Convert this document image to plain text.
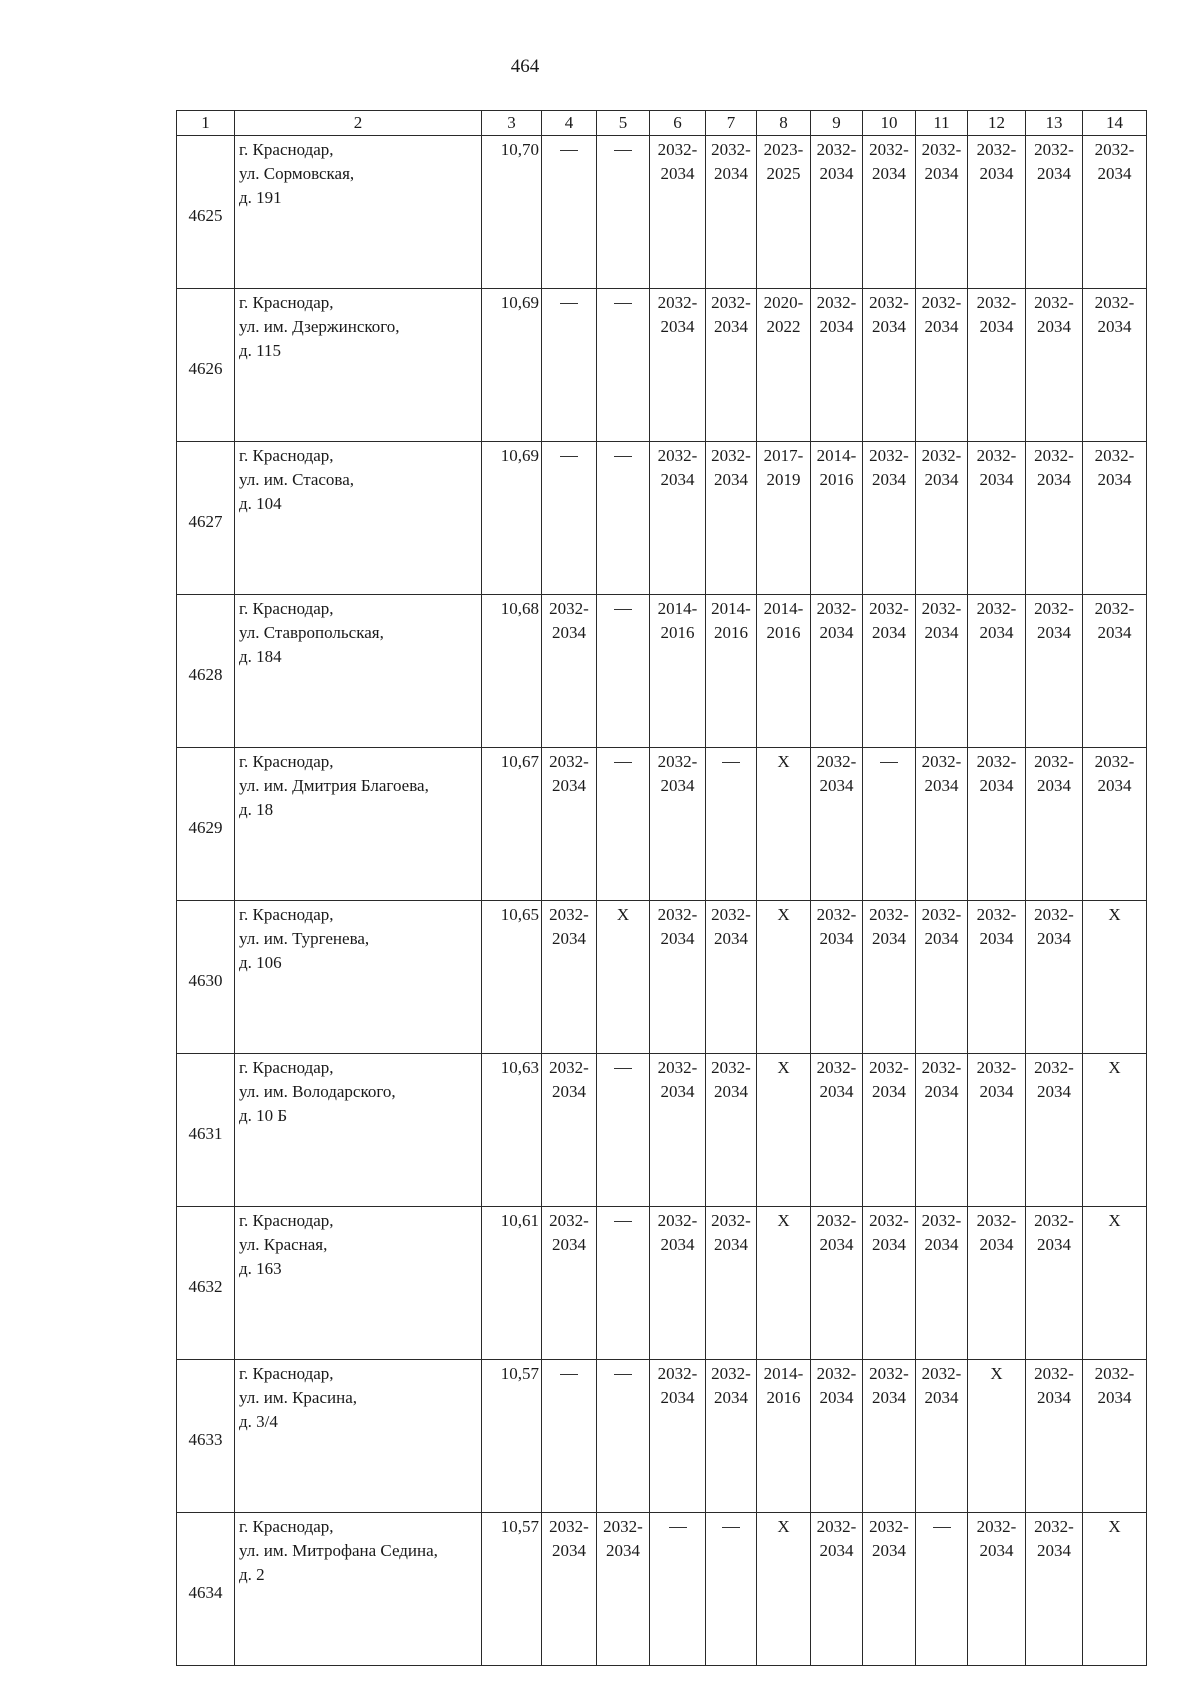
464
1	2	3	4	5	6	7	8	9	10	11	12	13	14
4625	г. Краснодар,
ул. Сормовская,
д. 191	10,70			2032-
2034	2032-
2034	2023-
2025	2032-
2034	2032-
2034	2032-
2034	2032-
2034	2032-
2034	2032-
2034

4626	г. Краснодар,
ул. им. Дзержинского,
д. 115	10,69			2032-
2034	2032-
2034	2020-
2022	2032-
2034	2032-
2034	2032-
2034	2032-
2034	2032-
2034	2032-
2034

4627	г. Краснодар,
ул. им. Стасова,
д. 104	10,69			2032-
2034	2032-
2034	2017-
2019	2014-
2016	2032-
2034	2032-
2034	2032-
2034	2032-
2034	2032-
2034

4628	г. Краснодар,
ул. Ставропольская,
д. 184	10,68	2032-
2034		2014-
2016	2014-
2016	2014-
2016	2032-
2034	2032-
2034	2032-
2034	2032-
2034	2032-
2034	2032-
2034

4629	г. Краснодар,
ул. им. Дмитрия Благоева,
д. 18	10,67	2032-
2034		2032-
2034		X	2032-
2034		2032-
2034	2032-
2034	2032-
2034	2032-
2034

4630	г. Краснодар,
ул. им. Тургенева,
д. 106	10,65	2032-
2034	X	2032-
2034	2032-
2034	X	2032-
2034	2032-
2034	2032-
2034	2032-
2034	2032-
2034	X
4631	г. Краснодар,
ул. им. Володарского,
д. 10 Б	10,63	2032-
2034		2032-
2034	2032-
2034	X	2032-
2034	2032-
2034	2032-
2034	2032-
2034	2032-
2034	X
4632	г. Краснодар,
ул. Красная,
д. 163	10,61	2032-
2034		2032-
2034	2032-
2034	X	2032-
2034	2032-
2034	2032-
2034	2032-
2034	2032-
2034	X
4633	г. Краснодар,
ул. им. Красина,
д. 3/4	10,57			2032-
2034	2032-
2034	2014-
2016	2032-
2034	2032-
2034	2032-
2034	X	2032-
2034	2032-
2034

4634	г. Краснодар,
ул. им. Митрофана Седина,
д. 2	10,57	2032-
2034	2032-
2034			X	2032-
2034	2032-
2034		2032-
2034	2032-
2034	X
